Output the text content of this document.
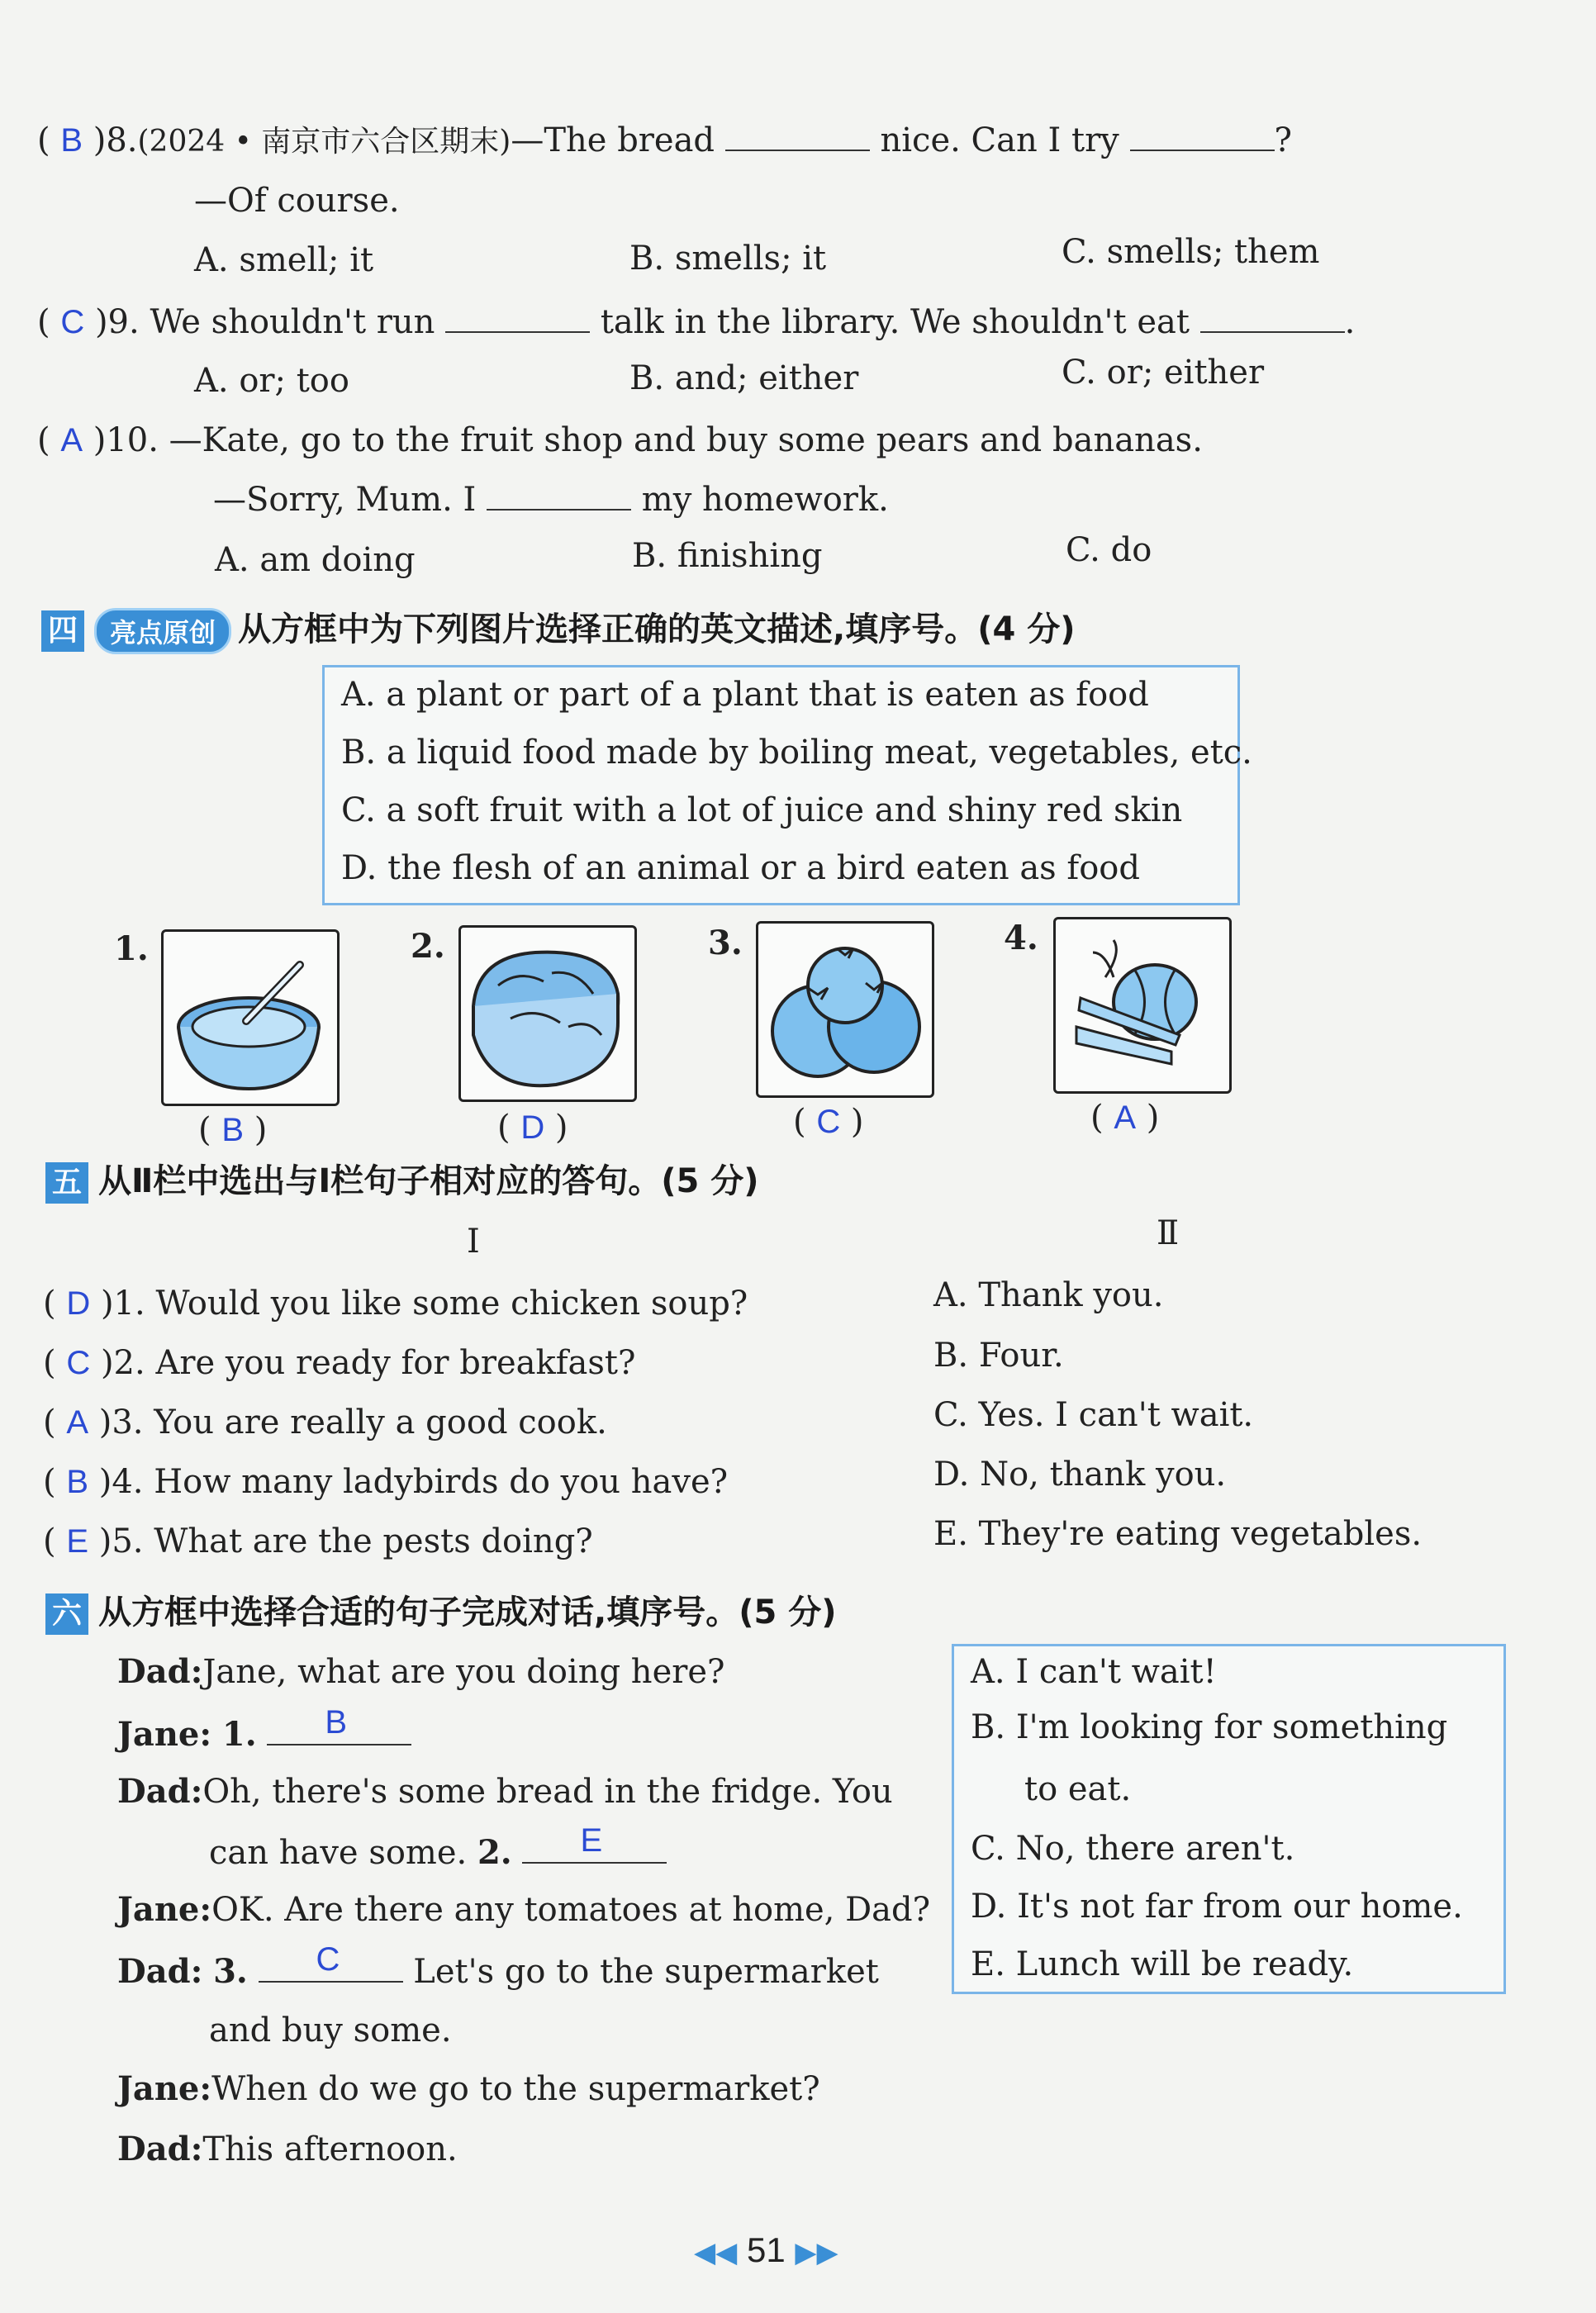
( B )8.(2024 • 南京市六合区期末)—The bread	nice. Can I try	?
—Of course.
A. smell; it	B. smells; it	C. smells; them
( C )9. We shouldn't run	talk in the library. We shouldn't eat	.
A. or; too	B. and; either	C. or; either
( A )10. —Kate, go to the fruit shop and buy some pears and bananas.
—Sorry, Mum. I	my homework.
A. am doing	B. finishing	C. do
四 亮点原创 从方框中为下列图片选择正确的英文描述,填序号。(4 分)
A. a plant or part of a plant that is eaten as food
B. a liquid food made by boiling meat, vegetables, etc.
C. a soft fruit with a lot of juice and shiny red skin
D. the flesh of an animal or a bird eaten as food
1.
( B )
2.
( D )
3.
( C )
4.
( A )
五 从Ⅱ栏中选出与Ⅰ栏句子相对应的答句。(5 分)
Ⅰ	Ⅱ
( D )1. Would you like some chicken soup?
( C )2. Are you ready for breakfast?
( A )3. You are really a good cook.
( B )4. How many ladybirds do you have?
( E )5. What are the pests doing?
A. Thank you.
B. Four.
C. Yes. I can't wait.
D. No, thank you.
E. They're eating vegetables.
六 从方框中选择合适的句子完成对话,填序号。(5 分)
Dad:Jane, what are you doing here?
Jane: 1. B
Dad:Oh, there's some bread in the fridge. You
can have some. 2. E
Jane:OK. Are there any tomatoes at home, Dad?
Dad: 3. C Let's go to the supermarket
and buy some.
Jane:When do we go to the supermarket?
Dad:This afternoon.
A. I can't wait!
B. I'm looking for something
to eat.
C. No, there aren't.
D. It's not far from our home.
E. Lunch will be ready.
◀◀ 51 ▶▶
